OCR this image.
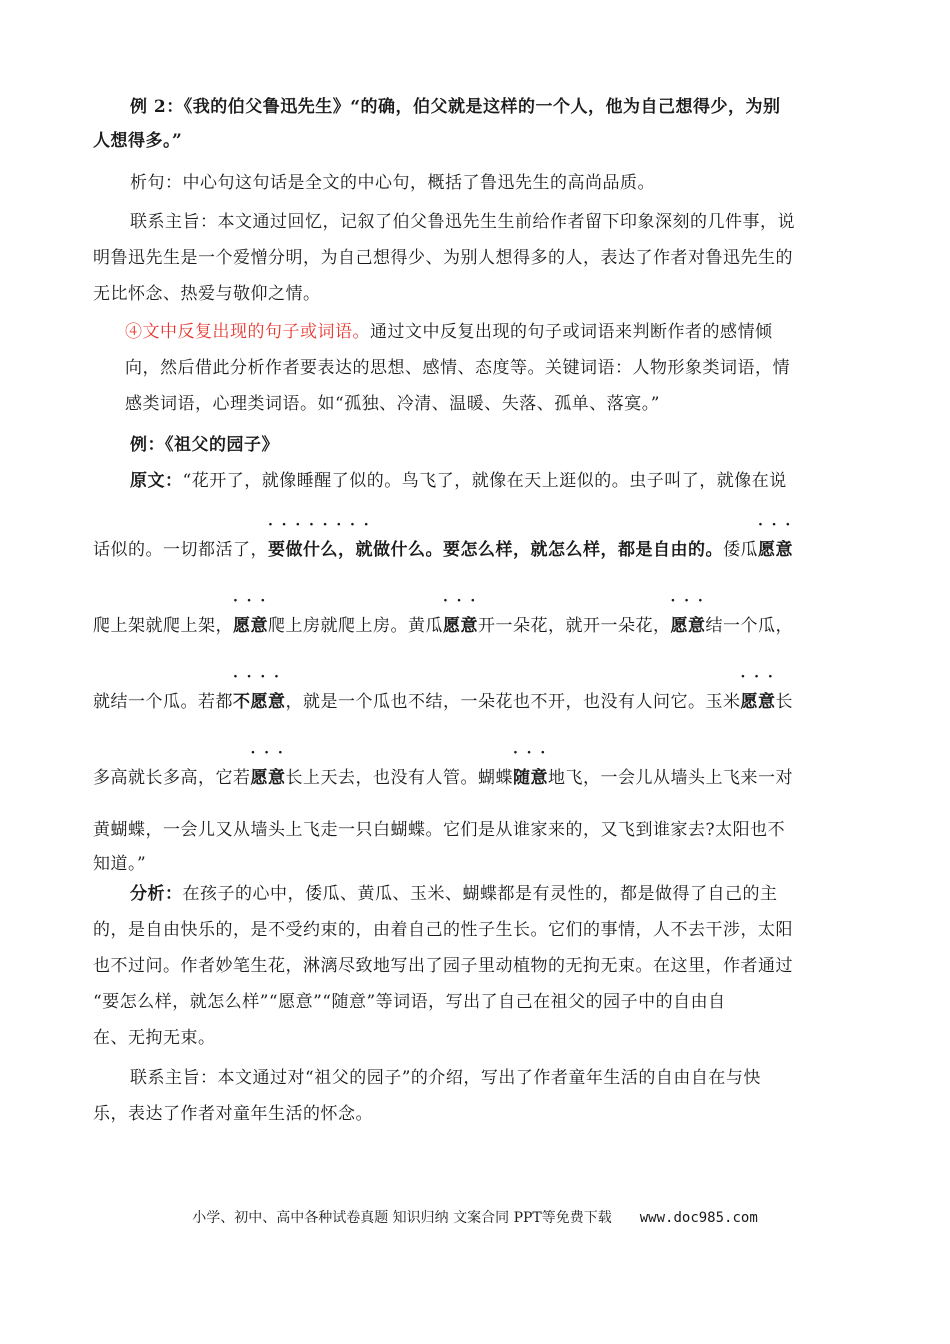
例 2：《我的伯父鲁迅先生》“的确，伯父就是这样的一个人，他为自己想得少，为别
人想得多。”
析句：中心句这句话是全文的中心句，概括了鲁迅先生的高尚品质。
联系主旨：本文通过回忆，记叙了伯父鲁迅先生生前给作者留下印象深刻的几件事，说
明鲁迅先生是一个爱憎分明，为自己想得少、为别人想得多的人，表达了作者对鲁迅先生的
无比怀念、热爱与敬仰之情。
④文中反复出现的句子或词语。通过文中反复出现的句子或词语来判断作者的感情倾
向，然后借此分析作者要表达的思想、感情、态度等。关键词语：人物形象类词语，情
感类词语，心理类词语。如“孤独、冷清、温暖、失落、孤单、落寞。”
例：《祖父的园子》
原文：“花开了，就像睡醒了似的。鸟飞了，就像在天上逛似的。虫子叫了，就像在说
话似的。一切都活了，· · · 要做什么，就做什么。要怎么样，就怎么样，都是自由的。倭瓜· · · 愿意
爬上架就爬上架，· · · 愿意爬上房就爬上房。黄瓜· · · 愿意开一朵花，就开一朵花，· · · 愿意结一个瓜，
就结一个瓜。若都· · · 不愿意，就是一个瓜也不结，一朵花也不开，也没有人问它。玉米· · · 愿意长
多高就长多高，它若· · · 愿意长上天去，也没有人管。蝴蝶· · · 随意地飞，一会儿从墙头上飞来一对
黄蝴蝶，一会儿又从墙头上飞走一只白蝴蝶。它们是从谁家来的，又飞到谁家去?太阳也不
知道。”
分析：在孩子的心中，倭瓜、黄瓜、玉米、蝴蝶都是有灵性的，都是做得了自己的主
的，是自由快乐的，是不受约束的，由着自己的性子生长。它们的事情，人不去干涉，太阳
也不过问。作者妙笔生花，淋漓尽致地写出了园子里动植物的无拘无束。在这里，作者通过
“要怎么样，就怎么样”“愿意”“随意”等词语，写出了自己在祖父的园子中的自由自
在、无拘无束。
联系主旨：本文通过对“祖父的园子”的介绍，写出了作者童年生活的自由自在与快
乐，表达了作者对童年生活的怀念。
小学、初中、高中各种试卷真题 知识归纳 文案合同 PPT等免费下载 www.doc985.com
